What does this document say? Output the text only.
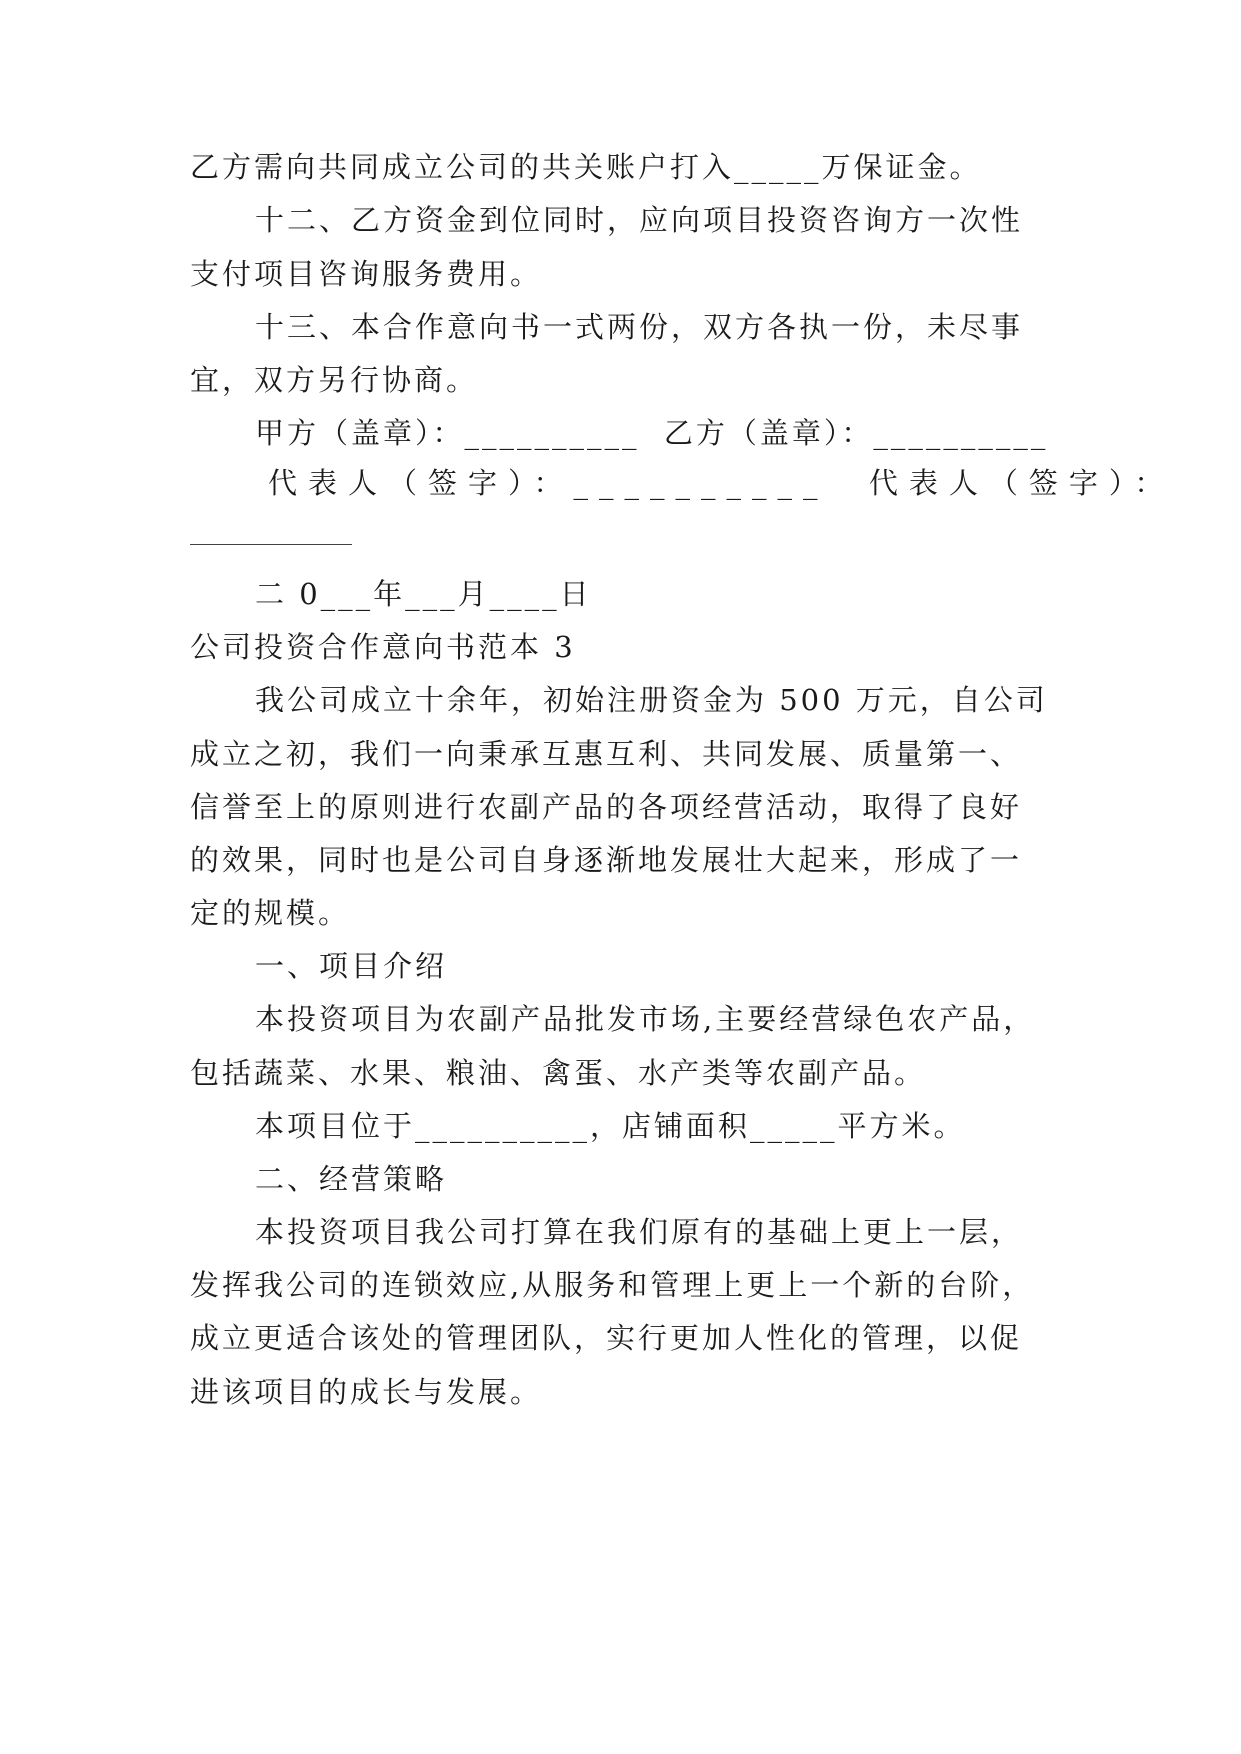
乙方需向共同成立公司的共关账户打入_____万保证金。
十二、乙方资金到位同时，应向项目投资咨询方一次性
支付项目咨询服务费用。
十三、本合作意向书一式两份，双方各执一份，未尽事
宜，双方另行协商。
甲方（盖章）：__________  乙方（盖章）：__________
代表人（签字）：__________  代表人（签字）：
二 0___年___月____日
公司投资合作意向书范本 3
我公司成立十余年，初始注册资金为 500 万元，自公司
成立之初，我们一向秉承互惠互利、共同发展、质量第一、
信誉至上的原则进行农副产品的各项经营活动，取得了良好
的效果，同时也是公司自身逐渐地发展壮大起来，形成了一
定的规模。
一、项目介绍
本投资项目为农副产品批发市场,主要经营绿色农产品，
包括蔬菜、水果、粮油、禽蛋、水产类等农副产品。
本项目位于__________，店铺面积_____平方米。
二、经营策略
本投资项目我公司打算在我们原有的基础上更上一层，
发挥我公司的连锁效应,从服务和管理上更上一个新的台阶，
成立更适合该处的管理团队，实行更加人性化的管理，以促
进该项目的成长与发展。
